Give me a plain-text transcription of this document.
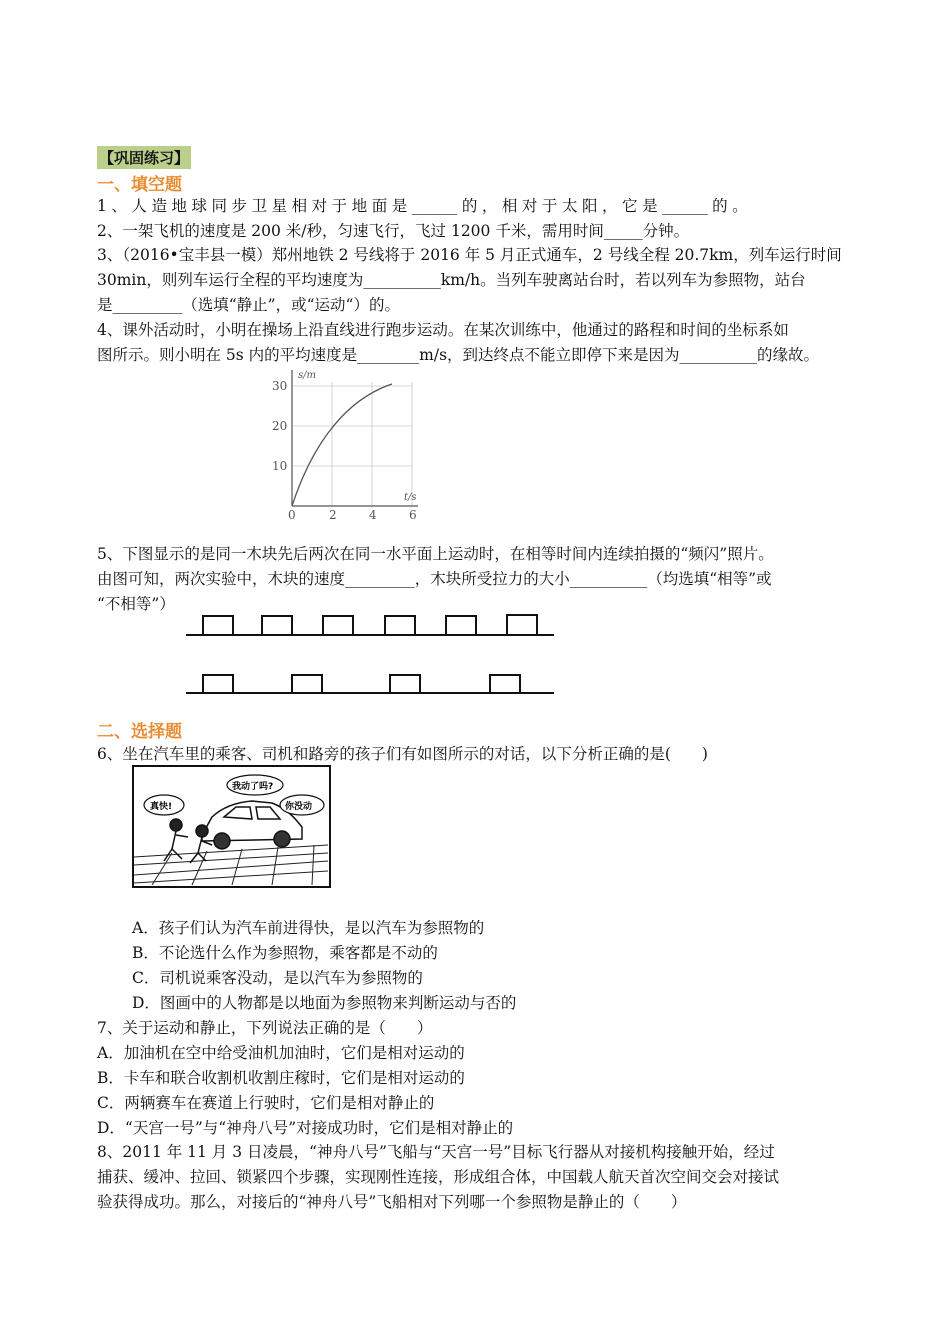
【巩固练习】
一、填空题
1 、 人 造 地 球 同 步 卫 星 相 对 于 地 面 是 ______ 的 ， 相 对 于 太 阳 ， 它 是 ______ 的 。
2、一架飞机的速度是 200 米/秒，匀速飞行，飞过 1200 千米，需用时间_____分钟。
3、（2016•宝丰县一模）郑州地铁 2 号线将于 2016 年 5 月正式通车，2 号线全程 20.7km，列车运行时间
30min，则列车运行全程的平均速度为__________km/h。当列车驶离站台时，若以列车为参照物，站台
是_________（选填“静止”，或“运动“）的。
4、课外活动时，小明在操场上沿直线进行跑步运动。在某次训练中，他通过的路程和时间的坐标系如
图所示。则小明在 5s 内的平均速度是________m/s，到达终点不能立即停下来是因为__________的缘故。
s/m
t/s
30
20
10
0	2	4	6
5、下图显示的是同一木块先后两次在同一水平面上运动时，在相等时间内连续拍摄的“频闪”照片。
由图可知，两次实验中，木块的速度_________，木块所受拉力的大小__________（均选填“相等”或
“不相等”）
二、选择题
6、坐在汽车里的乘客、司机和路旁的孩子们有如图所示的对话，以下分析正确的是(　　)
真快!
我动了吗?
你没动
A．孩子们认为汽车前进得快，是以汽车为参照物的
B．不论选什么作为参照物，乘客都是不动的
C．司机说乘客没动，是以汽车为参照物的
D．图画中的人物都是以地面为参照物来判断运动与否的
7、关于运动和静止，下列说法正确的是（　　）
A．加油机在空中给受油机加油时，它们是相对运动的
B．卡车和联合收割机收割庄稼时，它们是相对运动的
C．两辆赛车在赛道上行驶时，它们是相对静止的
D．“天宫一号”与“神舟八号”对接成功时，它们是相对静止的
8、2011 年 11 月 3 日凌晨，“神舟八号”飞船与“天宫一号”目标飞行器从对接机构接触开始，经过
捕获、缓冲、拉回、锁紧四个步骤，实现刚性连接，形成组合体，中国载人航天首次空间交会对接试
验获得成功。那么，对接后的“神舟八号”飞船相对下列哪一个参照物是静止的（　　）
